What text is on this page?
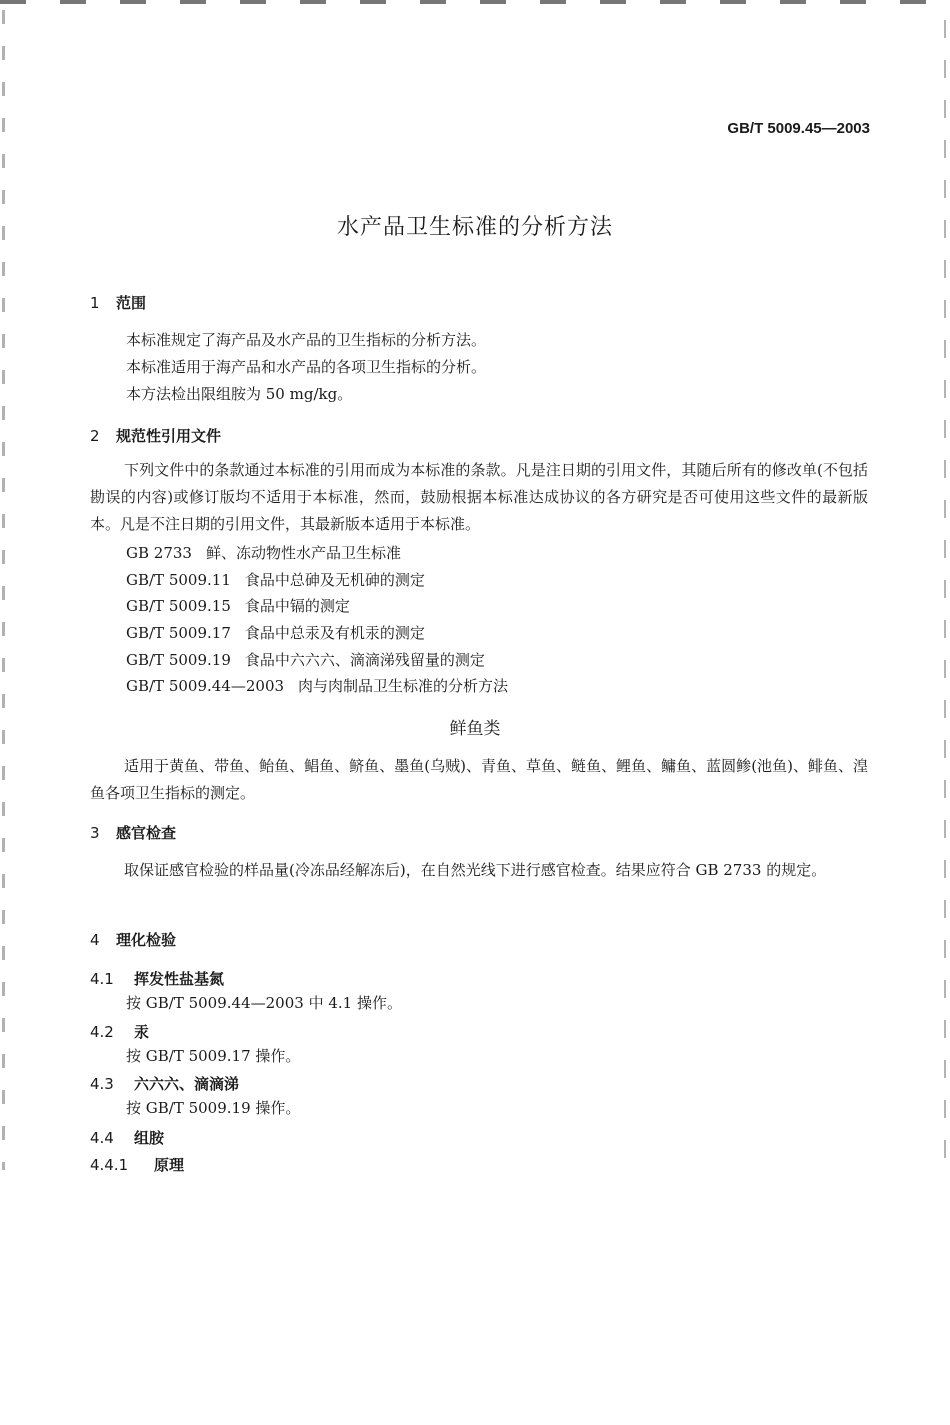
GB/T 5009.45—2003
水产品卫生标准的分析方法
1 范围
本标准规定了海产品及水产品的卫生指标的分析方法。
本标准适用于海产品和水产品的各项卫生指标的分析。
本方法检出限组胺为 50 mg/kg。
2 规范性引用文件
下列文件中的条款通过本标准的引用而成为本标准的条款。凡是注日期的引用文件，其随后所有的修改单(不包括勘误的内容)或修订版均不适用于本标准，然而，鼓励根据本标准达成协议的各方研究是否可使用这些文件的最新版本。凡是不注日期的引用文件，其最新版本适用于本标准。
GB 2733 鲜、冻动物性水产品卫生标准
GB/T 5009.11 食品中总砷及无机砷的测定
GB/T 5009.15 食品中镉的测定
GB/T 5009.17 食品中总汞及有机汞的测定
GB/T 5009.19 食品中六六六、滴滴涕残留量的测定
GB/T 5009.44—2003 肉与肉制品卫生标准的分析方法
鲜鱼类
适用于黄鱼、带鱼、鲐鱼、鲳鱼、鲚鱼、墨鱼(乌贼)、青鱼、草鱼、鲢鱼、鲤鱼、鳙鱼、蓝圆鲹(池鱼)、鲱鱼、湟鱼各项卫生指标的测定。
3 感官检查
取保证感官检验的样品量(冷冻品经解冻后)，在自然光线下进行感官检查。结果应符合 GB 2733 的规定。
4 理化检验
4.1 挥发性盐基氮
按 GB/T 5009.44—2003 中 4.1 操作。
4.2 汞
按 GB/T 5009.17 操作。
4.3 六六六、滴滴涕
按 GB/T 5009.19 操作。
4.4 组胺
4.4.1 原理
